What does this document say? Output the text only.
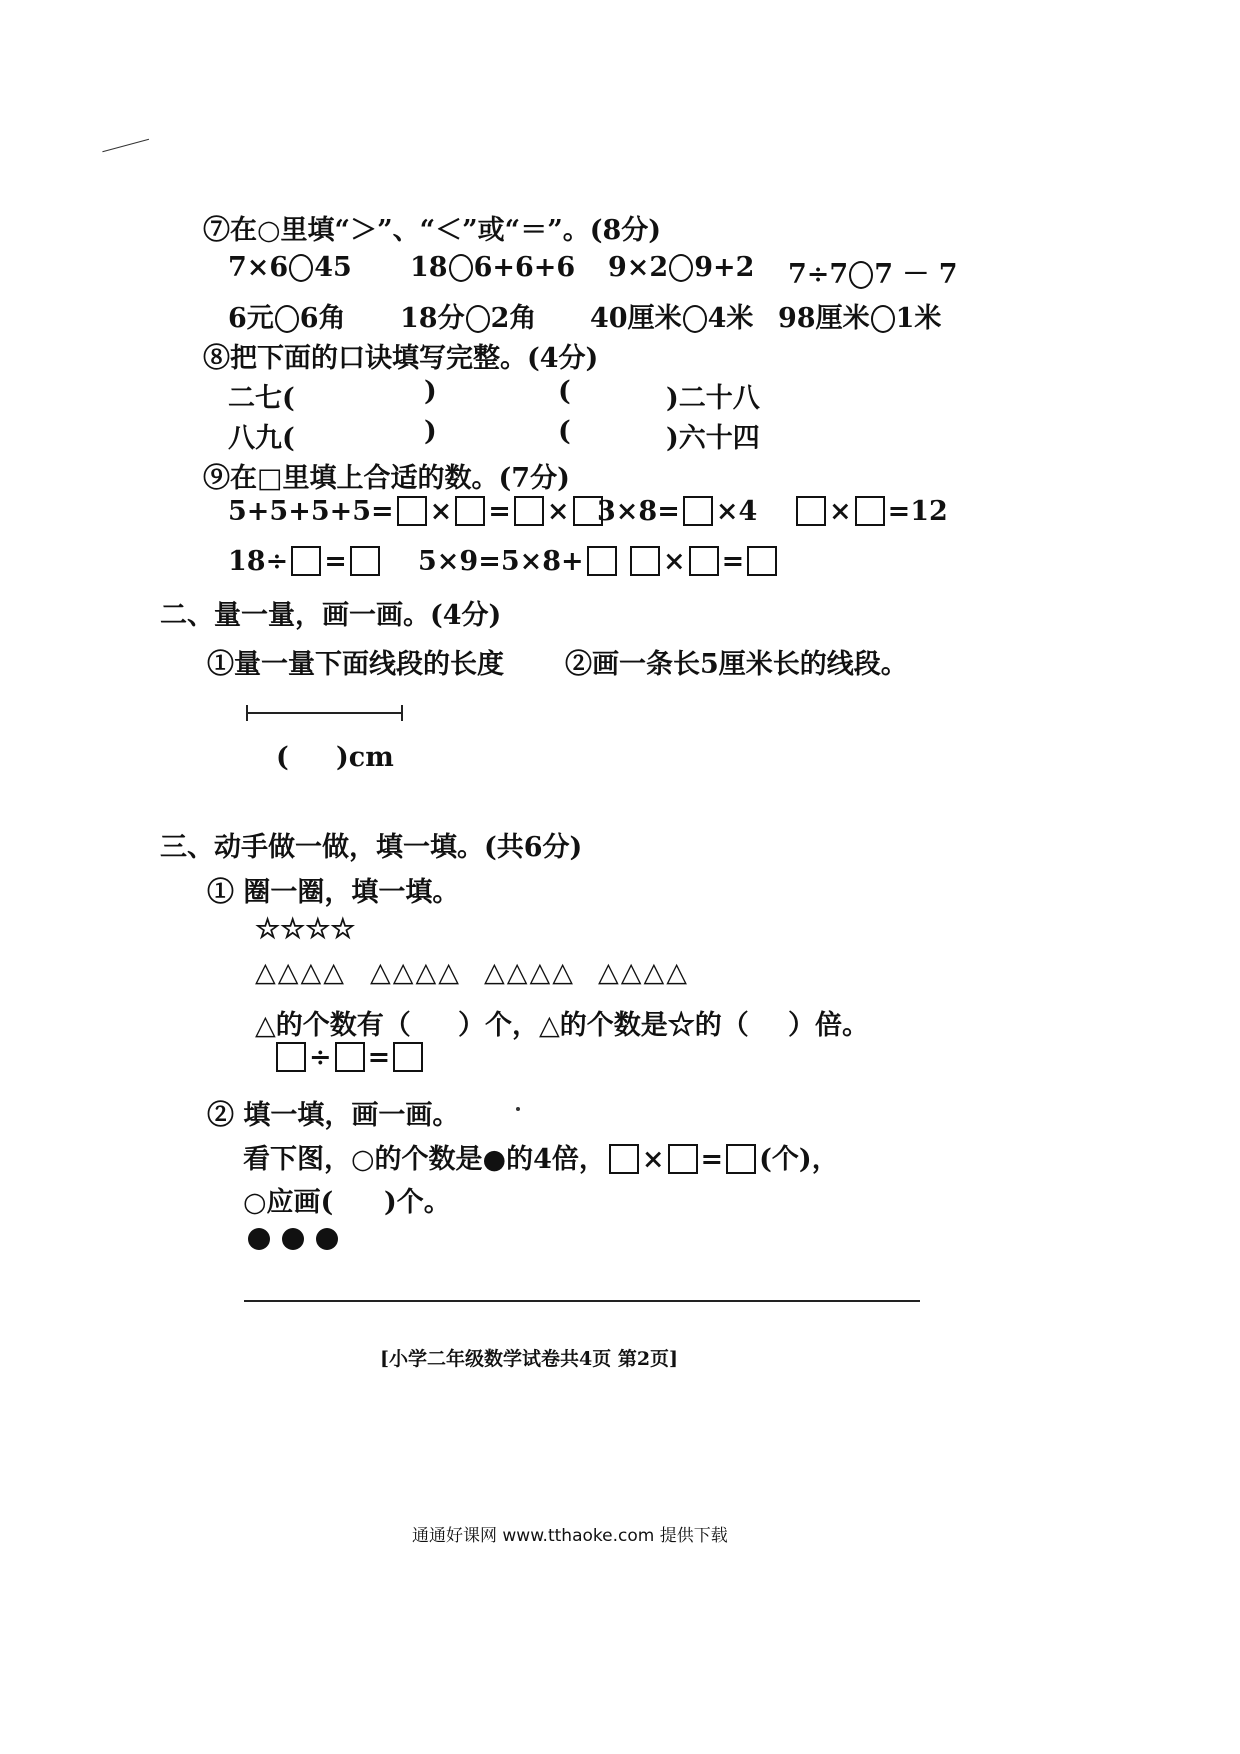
⸻
⑦在○里填“＞”、“＜”或“＝”。(8分)
7×6 45 18 6+6+6 9×2 9+2 7÷7 7 － 7
6元 6角 18分 2角 40厘米 4米 98厘米 1米
⑧把下面的口诀填写完整。(4分)
二七(	)	(	)二十八
八九(	)	(	)六十四
⑨在□里填上合适的数。(7分)
5+5+5+5= × = ×	3×8= ×4	× =12
18÷ =	5×9=5×8+	× =
二、量一量，画一画。(4分)
①量一量下面线段的长度 ②画一条长5厘米长的线段。
( )cm
三、动手做一做，填一填。(共6分)
① 圈一圈，填一填。
☆☆☆☆
△△△△ △△△△ △△△△ △△△△
△的个数有（ ）个，△的个数是☆的（ ）倍。
÷ =
② 填一填，画一画。
看下图，○的个数是●的4倍， × = (个)，
○应画( )个。
[小学二年级数学试卷共4页 第2页]
通通好课网 www.tthaoke.com 提供下载
